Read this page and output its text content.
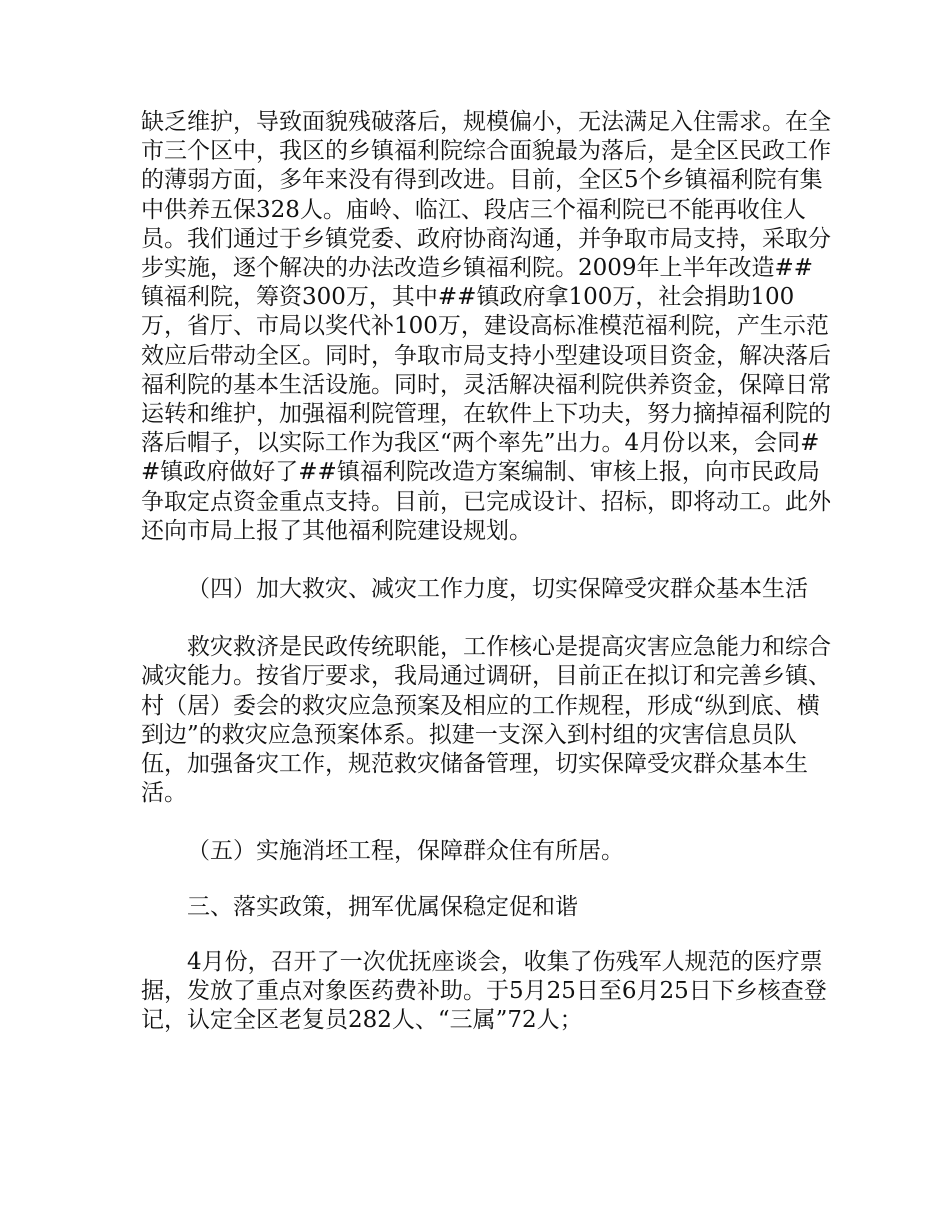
缺乏维护，导致面貌残破落后，规模偏小，无法满足入住需求。在全市三个区中，我区的乡镇福利院综合面貌最为落后，是全区民政工作的薄弱方面，多年来没有得到改进。目前，全区5个乡镇福利院有集中供养五保328人。庙岭、临江、段店三个福利院已不能再收住人员。我们通过于乡镇党委、政府协商沟通，并争取市局支持，采取分步实施，逐个解决的办法改造乡镇福利院。2009年上半年改造##镇福利院，筹资300万，其中##镇政府拿100万，社会捐助100万，省厅、市局以奖代补100万，建设高标准模范福利院，产生示范效应后带动全区。同时，争取市局支持小型建设项目资金，解决落后福利院的基本生活设施。同时，灵活解决福利院供养资金，保障日常运转和维护，加强福利院管理，在软件上下功夫，努力摘掉福利院的落后帽子，以实际工作为我区“两个率先”出力。4月份以来，会同##镇政府做好了##镇福利院改造方案编制、审核上报，向市民政局争取定点资金重点支持。目前，已完成设计、招标，即将动工。此外还向市局上报了其他福利院建设规划。

（四）加大救灾、减灾工作力度，切实保障受灾群众基本生活

救灾救济是民政传统职能，工作核心是提高灾害应急能力和综合减灾能力。按省厅要求，我局通过调研，目前正在拟订和完善乡镇、村（居）委会的救灾应急预案及相应的工作规程，形成“纵到底、横到边”的救灾应急预案体系。拟建一支深入到村组的灾害信息员队伍，加强备灾工作，规范救灾储备管理，切实保障受灾群众基本生活。

（五）实施消坯工程，保障群众住有所居。

三、落实政策，拥军优属保稳定促和谐

4月份，召开了一次优抚座谈会，收集了伤残军人规范的医疗票据，发放了重点对象医药费补助。于5月25日至6月25日下乡核查登记，认定全区老复员282人、“三属”72人；
